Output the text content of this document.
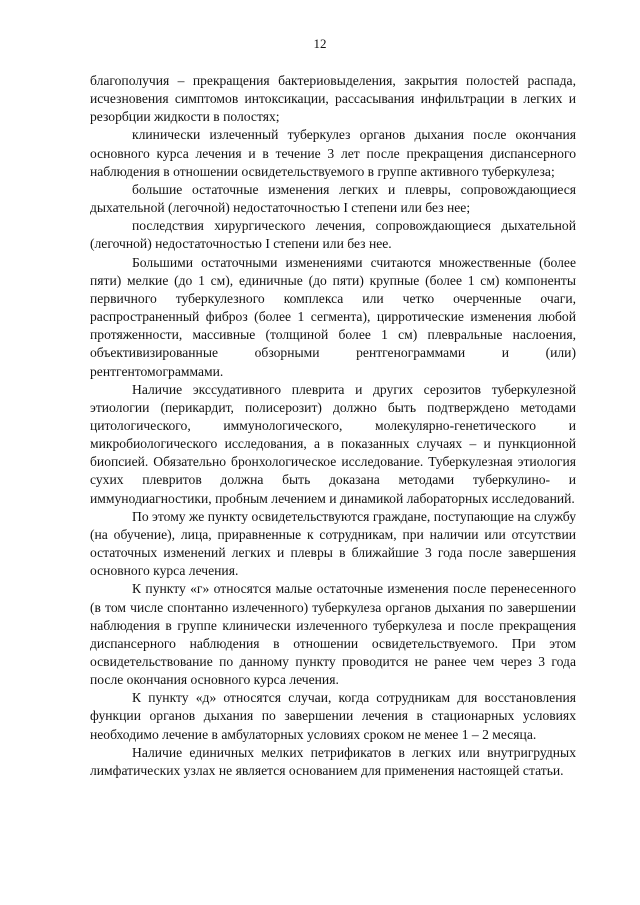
12

благополучия – прекращения бактериовыделения, закрытия полостей распада, исчезновения симптомов интоксикации, рассасывания инфильтрации в легких и резорбции жидкости в полостях;

клинически излеченный туберкулез органов дыхания после окончания основного курса лечения и в течение 3 лет после прекращения диспансерного наблюдения в отношении освидетельствуемого в группе активного туберкулеза;

большие остаточные изменения легких и плевры, сопровождающиеся дыхательной (легочной) недостаточностью I степени или без нее;

последствия хирургического лечения, сопровождающиеся дыхательной (легочной) недостаточностью I степени или без нее.

Большими остаточными изменениями считаются множественные (более пяти) мелкие (до 1 см), единичные (до пяти) крупные (более 1 см) компоненты первичного туберкулезного комплекса или четко очерченные очаги, распространенный фиброз (более 1 сегмента), цирротические изменения любой протяженности, массивные (толщиной более 1 см) плевральные наслоения, объективизированные обзорными рентгенограммами и (или) рентгентомограммами.

Наличие экссудативного плеврита и других серозитов туберкулезной этиологии (перикардит, полисерозит) должно быть подтверждено методами цитологического, иммунологического, молекулярно-генетического и микробиологического исследования, а в показанных случаях – и пункционной биопсией. Обязательно бронхологическое исследование. Туберкулезная этиология сухих плевритов должна быть доказана методами туберкулино- и иммунодиагностики, пробным лечением и динамикой лабораторных исследований.

По этому же пункту освидетельствуются граждане, поступающие на службу (на обучение), лица, приравненные к сотрудникам, при наличии или отсутствии остаточных изменений легких и плевры в ближайшие 3 года после завершения основного курса лечения.

К пункту «г» относятся малые остаточные изменения после перенесенного (в том числе спонтанно излеченного) туберкулеза органов дыхания по завершении наблюдения в группе клинически излеченного туберкулеза и после прекращения диспансерного наблюдения в отношении освидетельствуемого. При этом освидетельствование по данному пункту проводится не ранее чем через 3 года после окончания основного курса лечения.

К пункту «д» относятся случаи, когда сотрудникам для восстановления функции органов дыхания по завершении лечения в стационарных условиях необходимо лечение в амбулаторных условиях сроком не менее 1 – 2 месяца.

Наличие единичных мелких петрификатов в легких или внутригрудных лимфатических узлах не является основанием для применения настоящей статьи.
